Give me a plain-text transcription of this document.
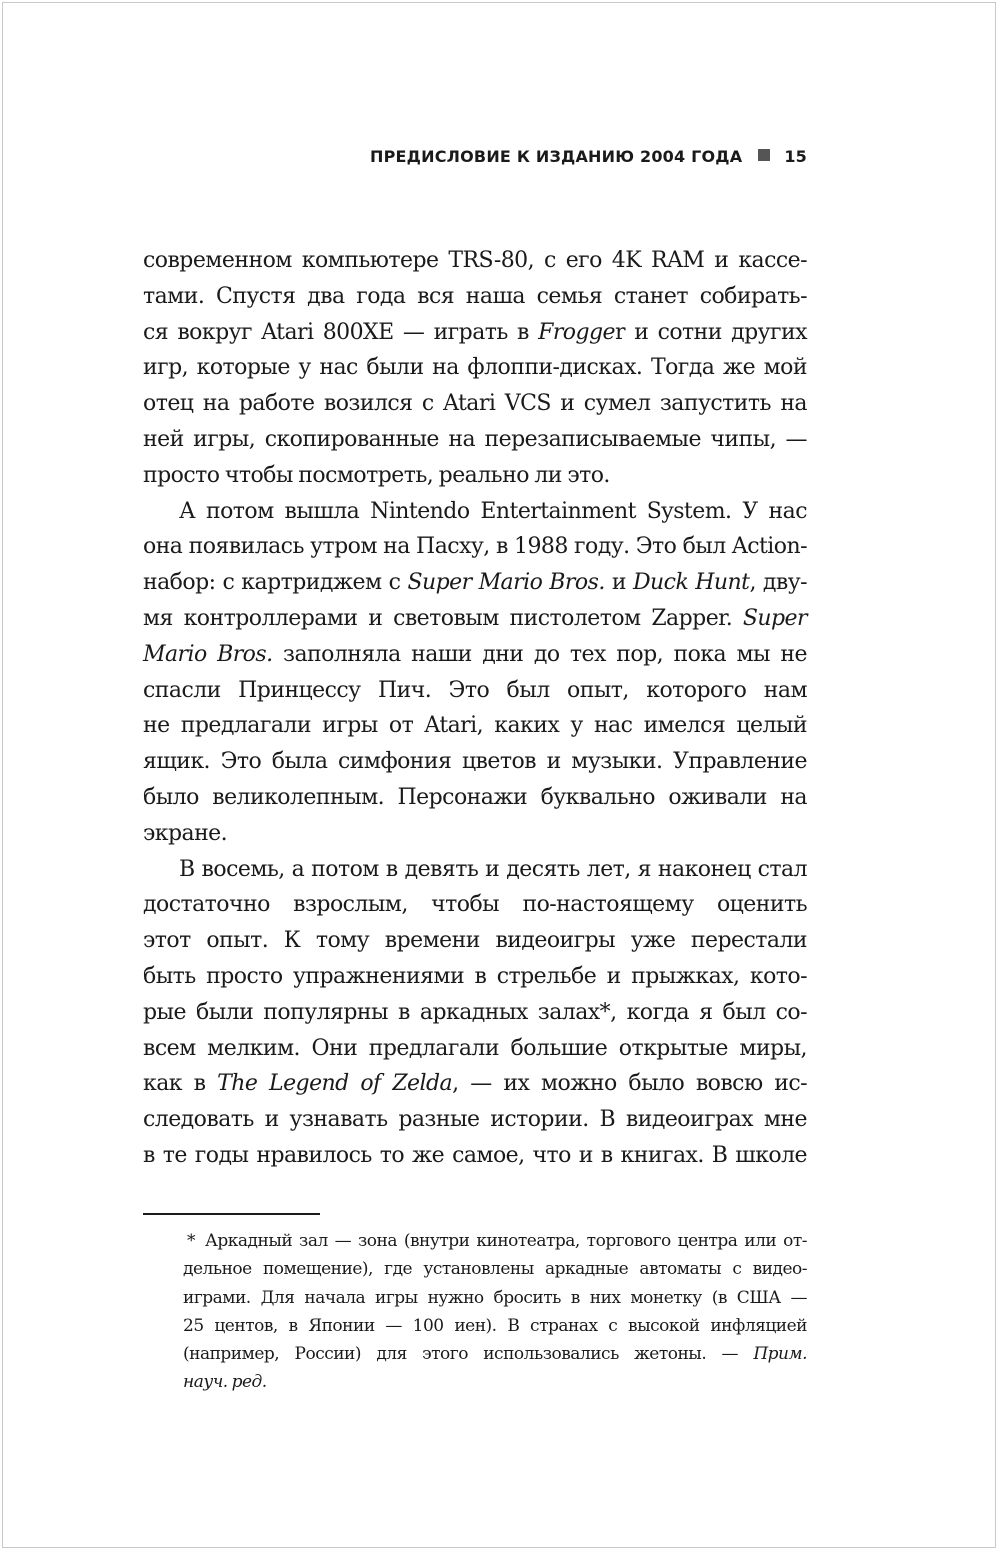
ПРЕДИСЛОВИЕ К ИЗДАНИЮ 2004 ГОДА	15

современном компьютере TRS-80, с его 4K RAM и кассе-
тами. Спустя два года вся наша семья станет собирать-
ся вокруг Atari 800XE — играть в Frogger и сотни других
игр, которые у нас были на флоппи-дисках. Тогда же мой
отец на работе возился с Atari VCS и сумел запустить на
ней игры, скопированные на перезаписываемые чипы, —
просто чтобы посмотреть, реально ли это.

А потом вышла Nintendo Entertainment System. У нас
она появилась утром на Пасху, в 1988 году. Это был Action-
набор: с картриджем с Super Mario Bros. и Duck Hunt, дву-
мя контроллерами и световым пистолетом Zapper. Super
Mario Bros. заполняла наши дни до тех пор, пока мы не
спасли Принцессу Пич. Это был опыт, которого нам
не предлагали игры от Atari, каких у нас имелся целый
ящик. Это была симфония цветов и музыки. Управление
было великолепным. Персонажи буквально оживали на
экране.

В восемь, а потом в девять и десять лет, я наконец стал
достаточно взрослым, чтобы по-настоящему оценить
этот опыт. К тому времени видеоигры уже перестали
быть просто упражнениями в стрельбе и прыжках, кото-
рые были популярны в аркадных залах*, когда я был со-
всем мелким. Они предлагали большие открытые миры,
как в The Legend of Zelda, — их можно было вовсю ис-
следовать и узнавать разные истории. В видеоиграх мне
в те годы нравилось то же самое, что и в книгах. В школе

* Аркадный зал — зона (внутри кинотеатра, торгового центра или от-
дельное помещение), где установлены аркадные автоматы с видео-
играми. Для начала игры нужно бросить в них монетку (в США —
25 центов, в Японии — 100 иен). В странах с высокой инфляцией
(например, России) для этого использовались жетоны. — Прим.
науч. ред.
